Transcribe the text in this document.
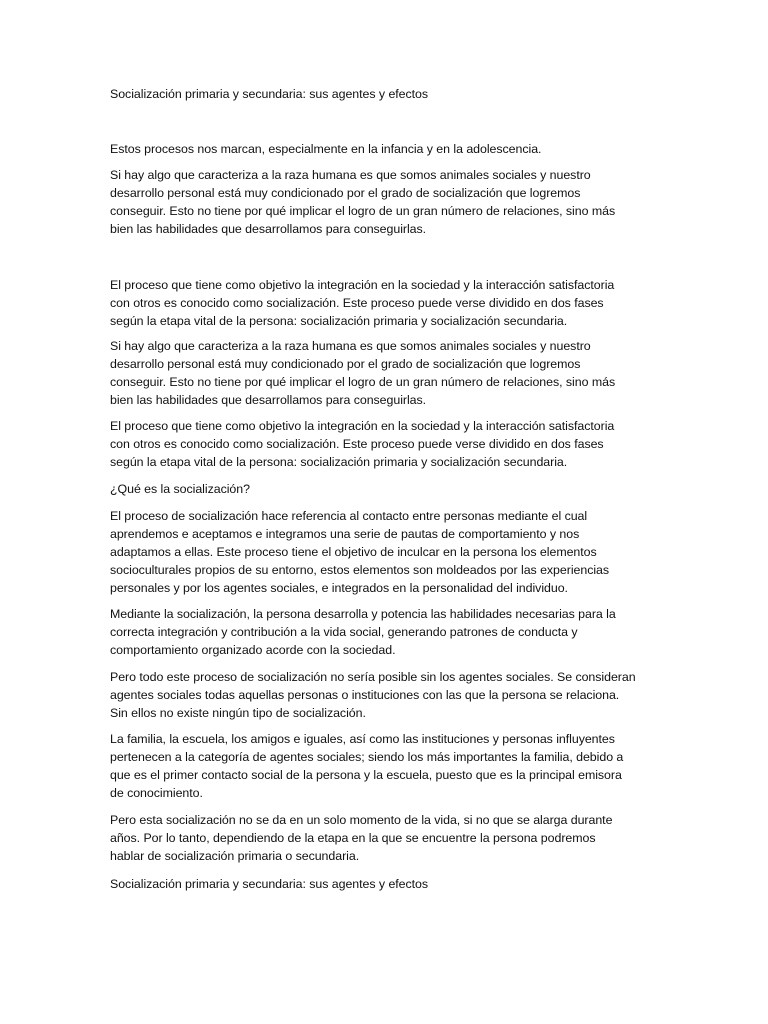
Socialización primaria y secundaria: sus agentes y efectos
Estos procesos nos marcan, especialmente en la infancia y en la adolescencia.
Si hay algo que caracteriza a la raza humana es que somos animales sociales y nuestro
desarrollo personal está muy condicionado por el grado de socialización que logremos
conseguir. Esto no tiene por qué implicar el logro de un gran número de relaciones, sino más
bien las habilidades que desarrollamos para conseguirlas.
El proceso que tiene como objetivo la integración en la sociedad y la interacción satisfactoria
con otros es conocido como socialización. Este proceso puede verse dividido en dos fases
según la etapa vital de la persona: socialización primaria y socialización secundaria.
Si hay algo que caracteriza a la raza humana es que somos animales sociales y nuestro
desarrollo personal está muy condicionado por el grado de socialización que logremos
conseguir. Esto no tiene por qué implicar el logro de un gran número de relaciones, sino más
bien las habilidades que desarrollamos para conseguirlas.
El proceso que tiene como objetivo la integración en la sociedad y la interacción satisfactoria
con otros es conocido como socialización. Este proceso puede verse dividido en dos fases
según la etapa vital de la persona: socialización primaria y socialización secundaria.
¿Qué es la socialización?
El proceso de socialización hace referencia al contacto entre personas mediante el cual
aprendemos e aceptamos e integramos una serie de pautas de comportamiento y nos
adaptamos a ellas. Este proceso tiene el objetivo de inculcar en la persona los elementos
socioculturales propios de su entorno, estos elementos son moldeados por las experiencias
personales y por los agentes sociales, e integrados en la personalidad del individuo.
Mediante la socialización, la persona desarrolla y potencia las habilidades necesarias para la
correcta integración y contribución a la vida social, generando patrones de conducta y
comportamiento organizado acorde con la sociedad.
Pero todo este proceso de socialización no sería posible sin los agentes sociales. Se consideran
agentes sociales todas aquellas personas o instituciones con las que la persona se relaciona.
Sin ellos no existe ningún tipo de socialización.
La familia, la escuela, los amigos e iguales, así como las instituciones y personas influyentes
pertenecen a la categoría de agentes sociales; siendo los más importantes la familia, debido a
que es el primer contacto social de la persona y la escuela, puesto que es la principal emisora
de conocimiento.
Pero esta socialización no se da en un solo momento de la vida, si no que se alarga durante
años. Por lo tanto, dependiendo de la etapa en la que se encuentre la persona podremos
hablar de socialización primaria o secundaria.
Socialización primaria y secundaria: sus agentes y efectos
